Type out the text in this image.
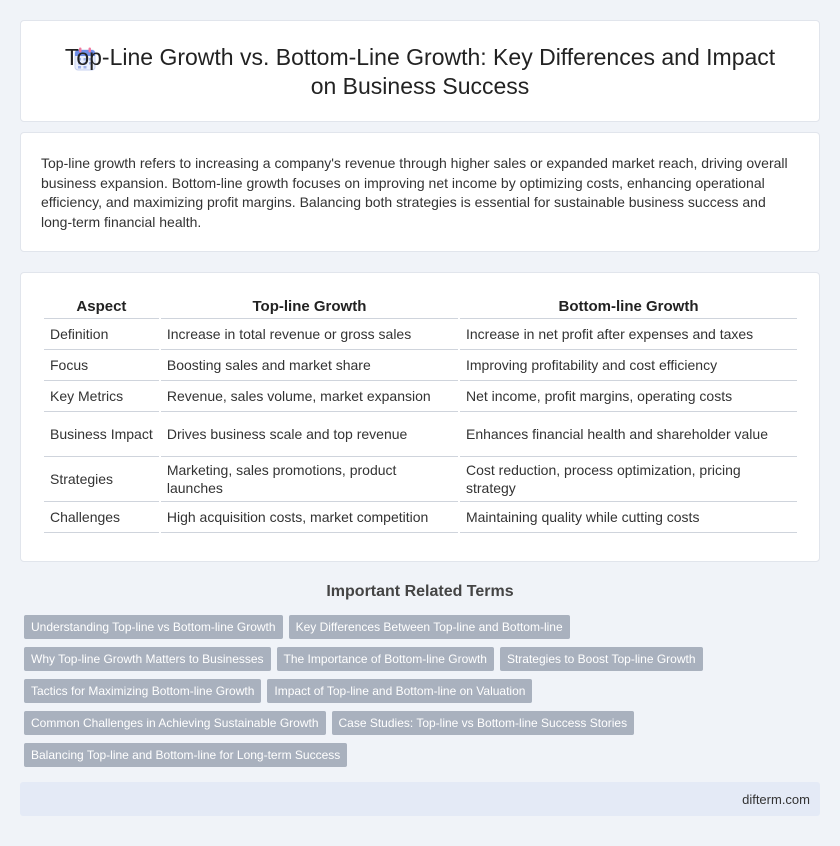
Top-Line Growth vs. Bottom-Line Growth: Key Differences and Impact on Business Success

Top-line growth refers to increasing a company's revenue through higher sales or expanded market reach, driving overall business expansion. Bottom-line growth focuses on improving net income by optimizing costs, enhancing operational efficiency, and maximizing profit margins. Balancing both strategies is essential for sustainable business success and long-term financial health.

Aspect	Top-line Growth	Bottom-line Growth
Definition	Increase in total revenue or gross sales	Increase in net profit after expenses and taxes
Focus	Boosting sales and market share	Improving profitability and cost efficiency
Key Metrics	Revenue, sales volume, market expansion	Net income, profit margins, operating costs
Business Impact	Drives business scale and top revenue	Enhances financial health and shareholder value
Strategies	Marketing, sales promotions, product launches	Cost reduction, process optimization, pricing strategy
Challenges	High acquisition costs, market competition	Maintaining quality while cutting costs
Important Related Terms
Understanding Top-line vs Bottom-line Growth	Key Differences Between Top-line and Bottom-line
Why Top-line Growth Matters to Businesses	The Importance of Bottom-line Growth	Strategies to Boost Top-line Growth
Tactics for Maximizing Bottom-line Growth	Impact of Top-line and Bottom-line on Valuation
Common Challenges in Achieving Sustainable Growth	Case Studies: Top-line vs Bottom-line Success Stories
Balancing Top-line and Bottom-line for Long-term Success
difterm.com
